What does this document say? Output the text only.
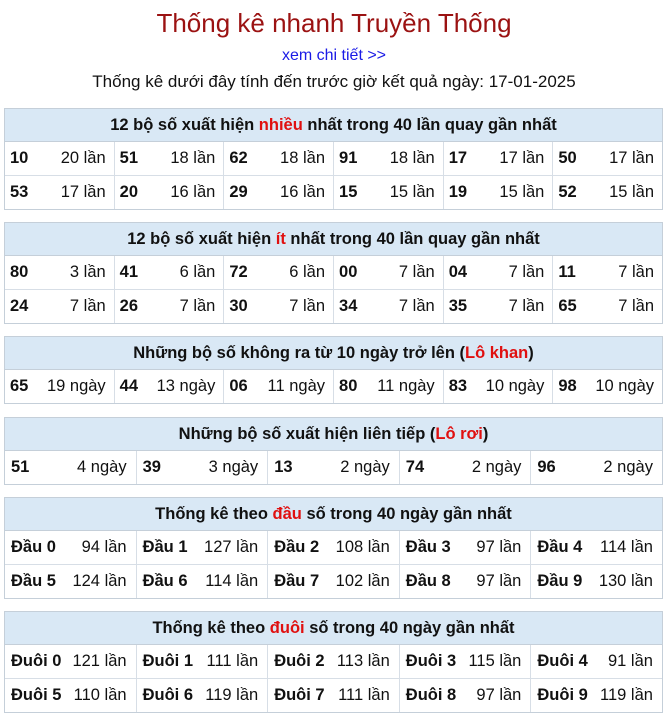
Thống kê nhanh Truyền Thống
xem chi tiết >>
Thống kê dưới đây tính đến trước giờ kết quả ngày: 17-01-2025
12 bộ số xuất hiện nhiều nhất trong 40 lần quay gần nhất
10 20 lần 51 18 lần 62 18 lần 91 18 lần 17 17 lần 50 17 lần
53 17 lần 20 16 lần 29 16 lần 15 15 lần 19 15 lần 52 15 lần
12 bộ số xuất hiện ít nhất trong 40 lần quay gần nhất
80	3 lần 41	6 lần 72	6 lần 00	7 lần 04	7 lần 11	7 lần
24	7 lần 26	7 lần 30	7 lần 34	7 lần 35	7 lần 65	7 lần
Những bộ số không ra từ 10 ngày trở lên (Lô khan)
65 19 ngày 44 13 ngày 06 11 ngày 80 11 ngày 83 10 ngày 98 10 ngày
Những bộ số xuất hiện liên tiếp (Lô rơi)
51	4 ngày 39	3 ngày 13	2 ngày 74	2 ngày 96	2 ngày
Thống kê theo đầu số trong 40 ngày gần nhất
Đầu 0 94 lần Đầu 1 127 lần Đầu 2 108 lần Đầu 3 97 lần Đầu 4 114 lần
Đầu 5 124 lần Đầu 6 114 lần Đầu 7 102 lần Đầu 8 97 lần Đầu 9 130 lần
Thống kê theo đuôi số trong 40 ngày gần nhất
Đuôi 0 121 lần Đuôi 1 111 lần Đuôi 2 113 lần Đuôi 3 115 lần Đuôi 4 91 lần
Đuôi 5 110 lần Đuôi 6 119 lần Đuôi 7 111 lần Đuôi 8 97 lần Đuôi 9 119 lần
